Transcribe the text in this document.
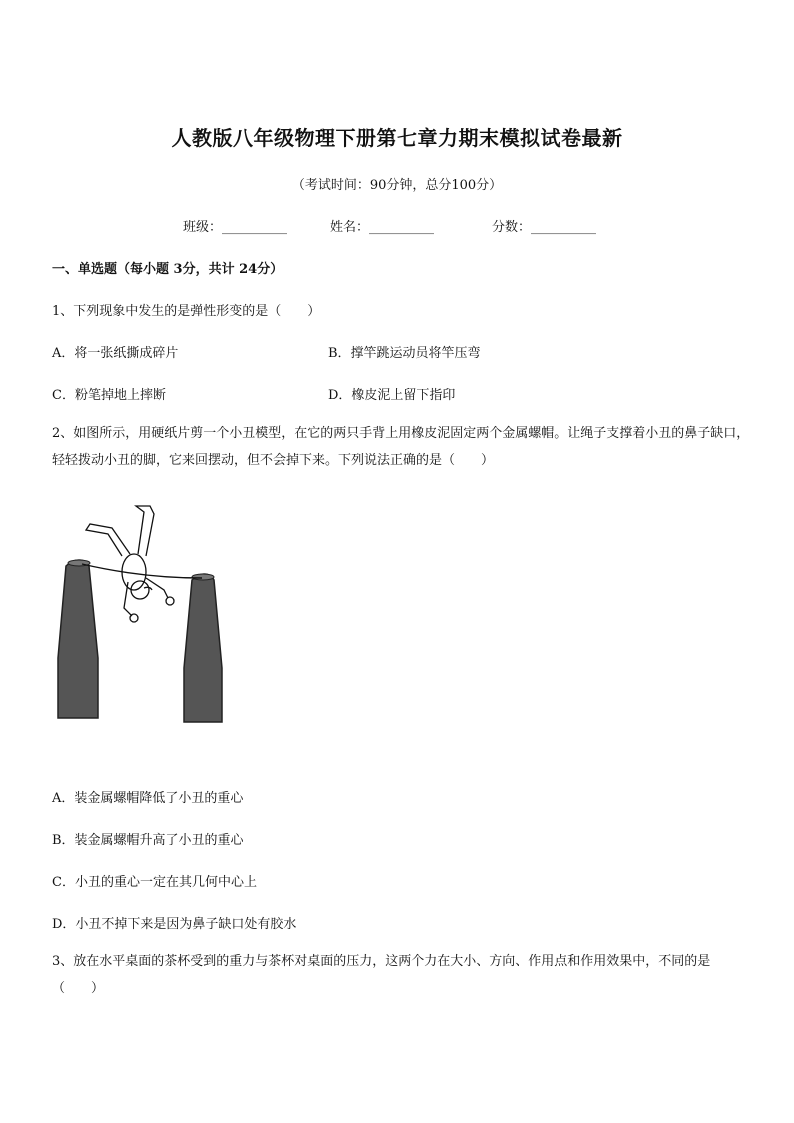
人教版八年级物理下册第七章力期末模拟试卷最新
（考试时间：90分钟，总分100分）
班级：__________	姓名：__________	分数：__________
一、单选题（每小题 3分，共计 24分）
1、下列现象中发生的是弹性形变的是（　　）
A．将一张纸撕成碎片	B．撑竿跳运动员将竿压弯
C．粉笔掉地上摔断	D．橡皮泥上留下指印
2、如图所示，用硬纸片剪一个小丑模型，在它的两只手背上用橡皮泥固定两个金属螺帽。让绳子支撑着小丑的鼻子缺口，轻轻拨动小丑的脚，它来回摆动，但不会掉下来。下列说法正确的是（　　）
A．装金属螺帽降低了小丑的重心
B．装金属螺帽升高了小丑的重心
C．小丑的重心一定在其几何中心上
D．小丑不掉下来是因为鼻子缺口处有胶水
3、放在水平桌面的茶杯受到的重力与茶杯对桌面的压力，这两个力在大小、方向、作用点和作用效果中，不同的是（　　）
